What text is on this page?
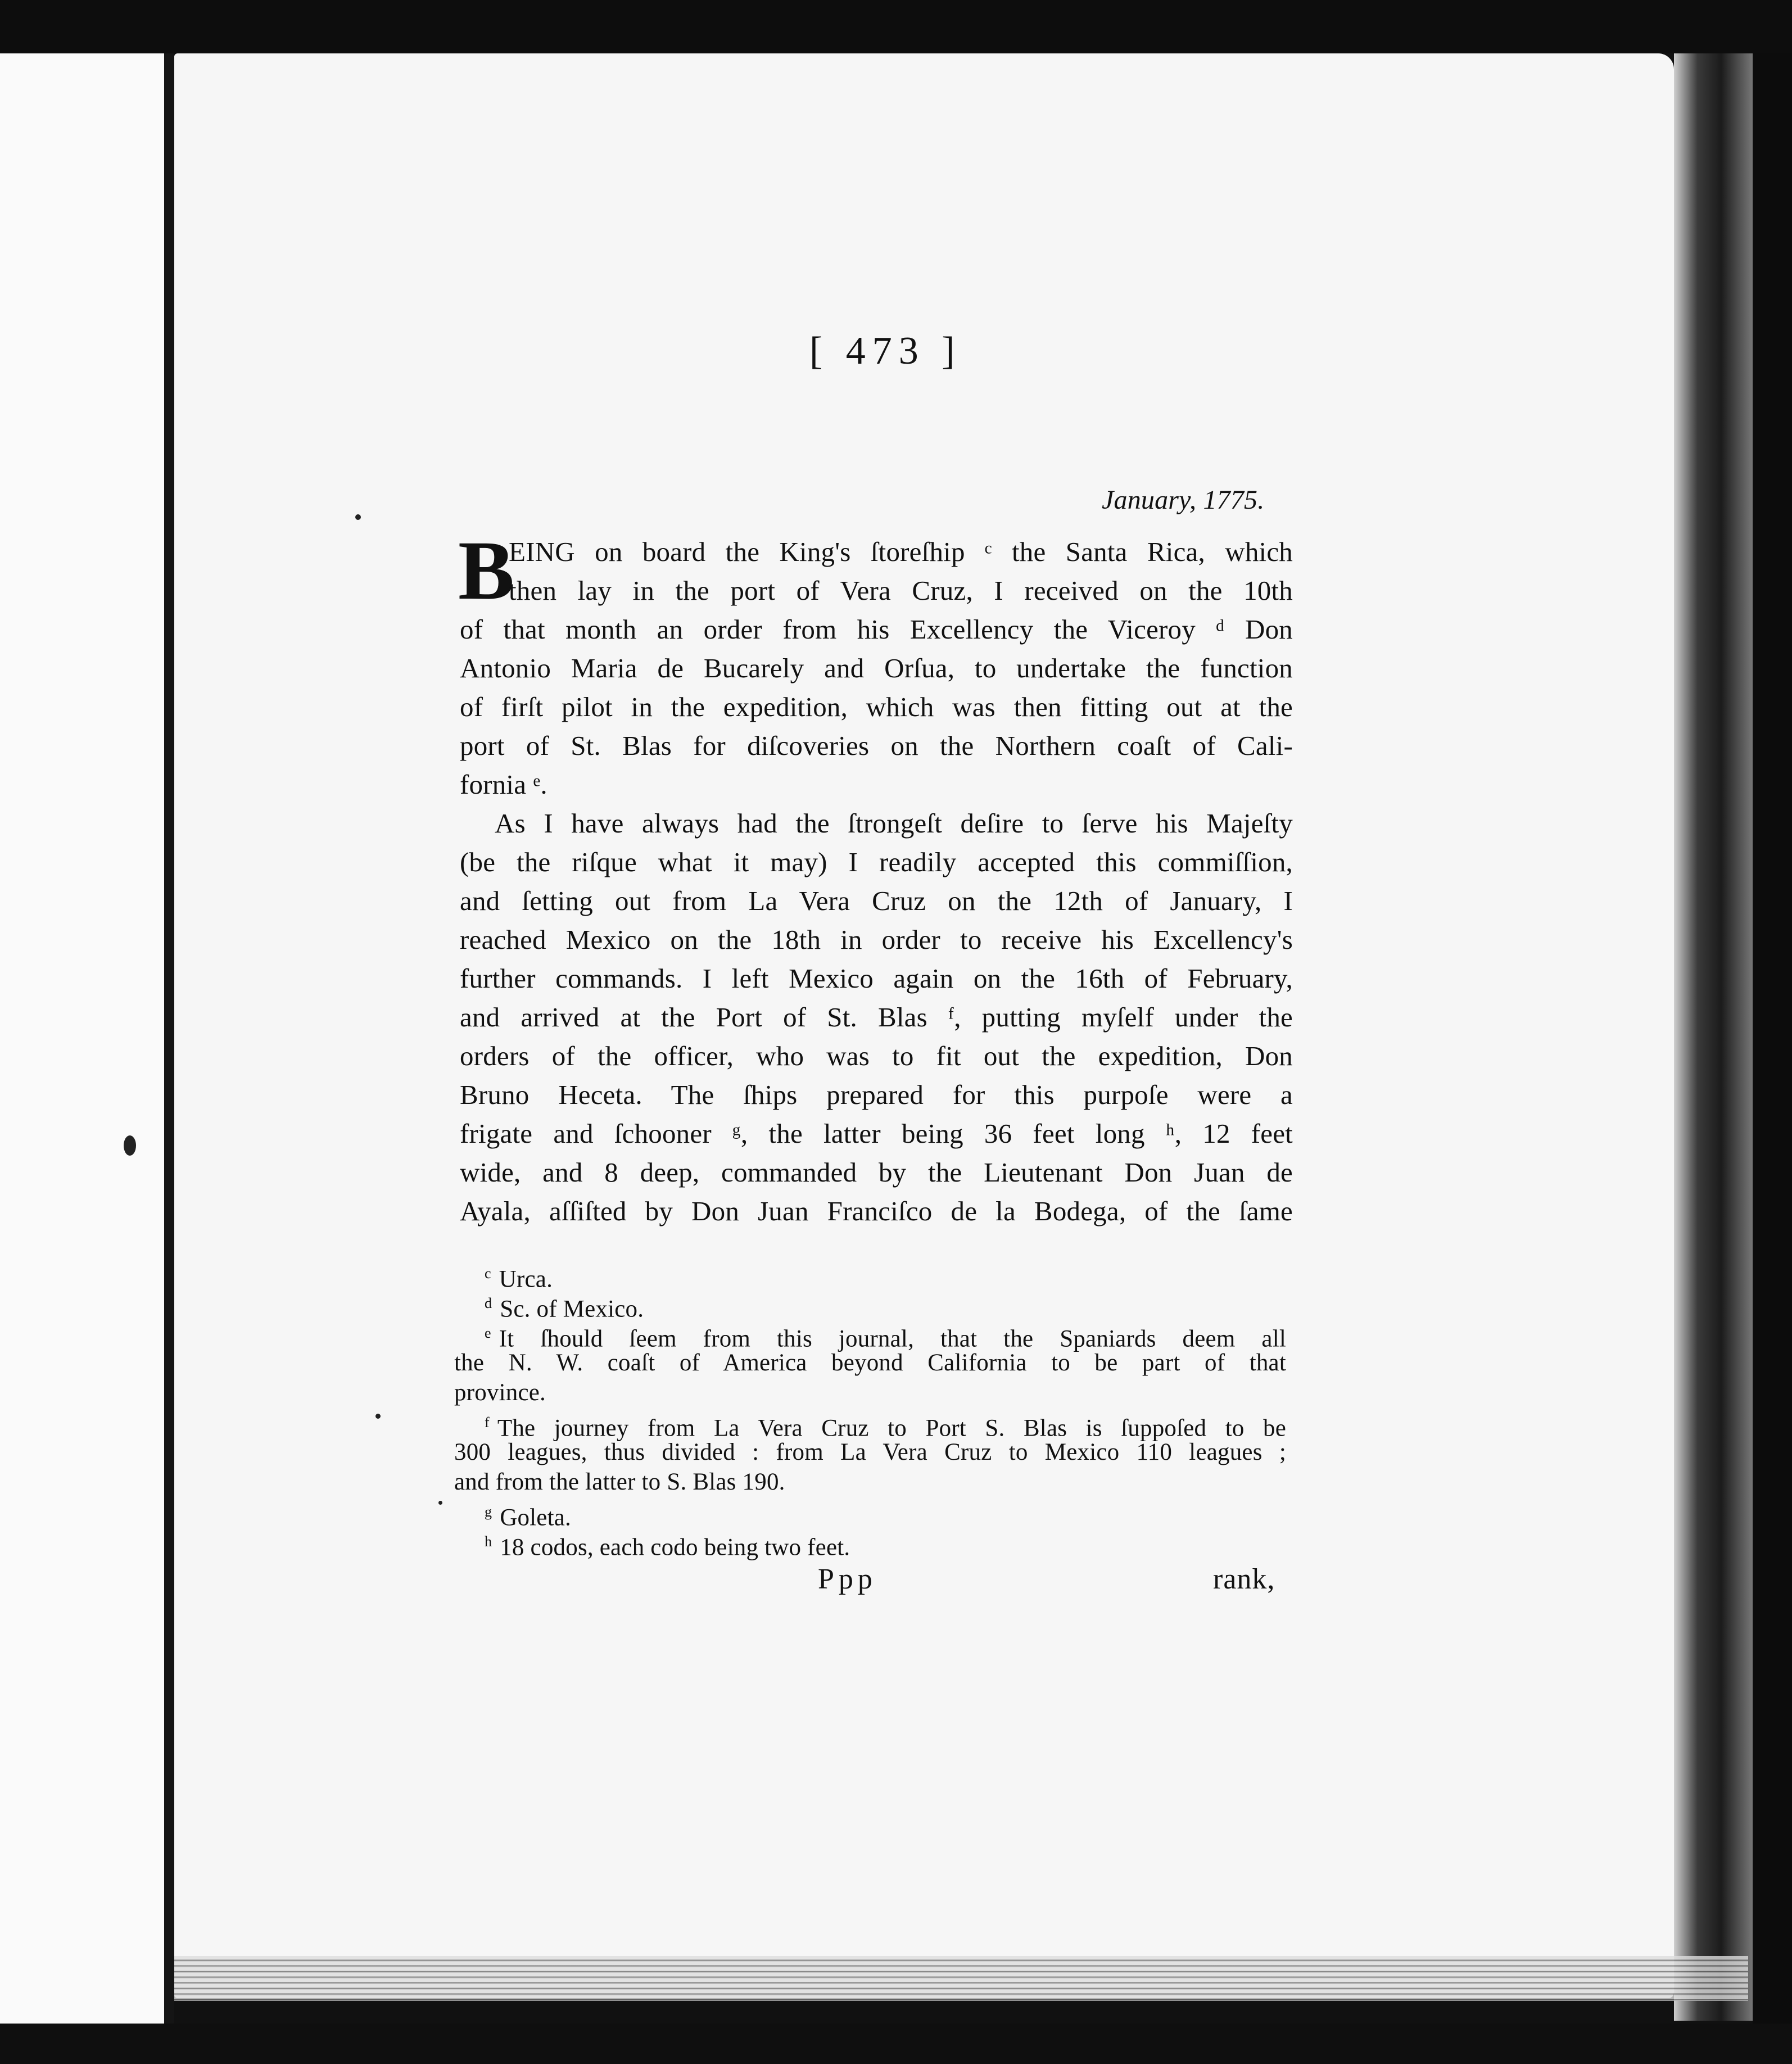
[ 473 ]
January, 1775.
B
EING on board the King's ſtoreſhip ᶜ the Santa Rica, which
then lay in the port of Vera Cruz, I received on the 10th
of that month an order from his Excellency the Viceroy ᵈ Don
Antonio Maria de Bucarely and Orſua, to undertake the function
of firſt pilot in the expedition, which was then fitting out at the
port of St. Blas for diſcoveries on the Northern coaſt of Cali-
fornia ᵉ.
As I have always had the ſtrongeſt deſire to ſerve his Majeſty
(be the riſque what it may) I readily accepted this commiſſion,
and ſetting out from La Vera Cruz on the 12th of January, I
reached Mexico on the 18th in order to receive his Excellency's
further commands. I left Mexico again on the 16th of February,
and arrived at the Port of St. Blas ᶠ, putting myſelf under the
orders of the officer, who was to fit out the expedition, Don
Bruno Heceta. The ſhips prepared for this purpoſe were a
frigate and ſchooner ᵍ, the latter being 36 feet long ʰ, 12 feet
wide, and 8 deep, commanded by the Lieutenant Don Juan de
Ayala, aſſiſted by Don Juan Franciſco de la Bodega, of the ſame
$^c$ Urca.
$^d$ Sc. of Mexico.
$^e$ It ſhould ſeem from this journal, that the Spaniards deem all
the N. W. coaſt of America beyond California to be part of that
province.
$^f$ The journey from La Vera Cruz to Port S. Blas is ſuppoſed to be
300 leagues, thus divided : from La Vera Cruz to Mexico 110 leagues ;
and from the latter to S. Blas 190.
$^g$ Goleta.
$^h$ 18 codos, each codo being two feet.
Ppp	rank,
